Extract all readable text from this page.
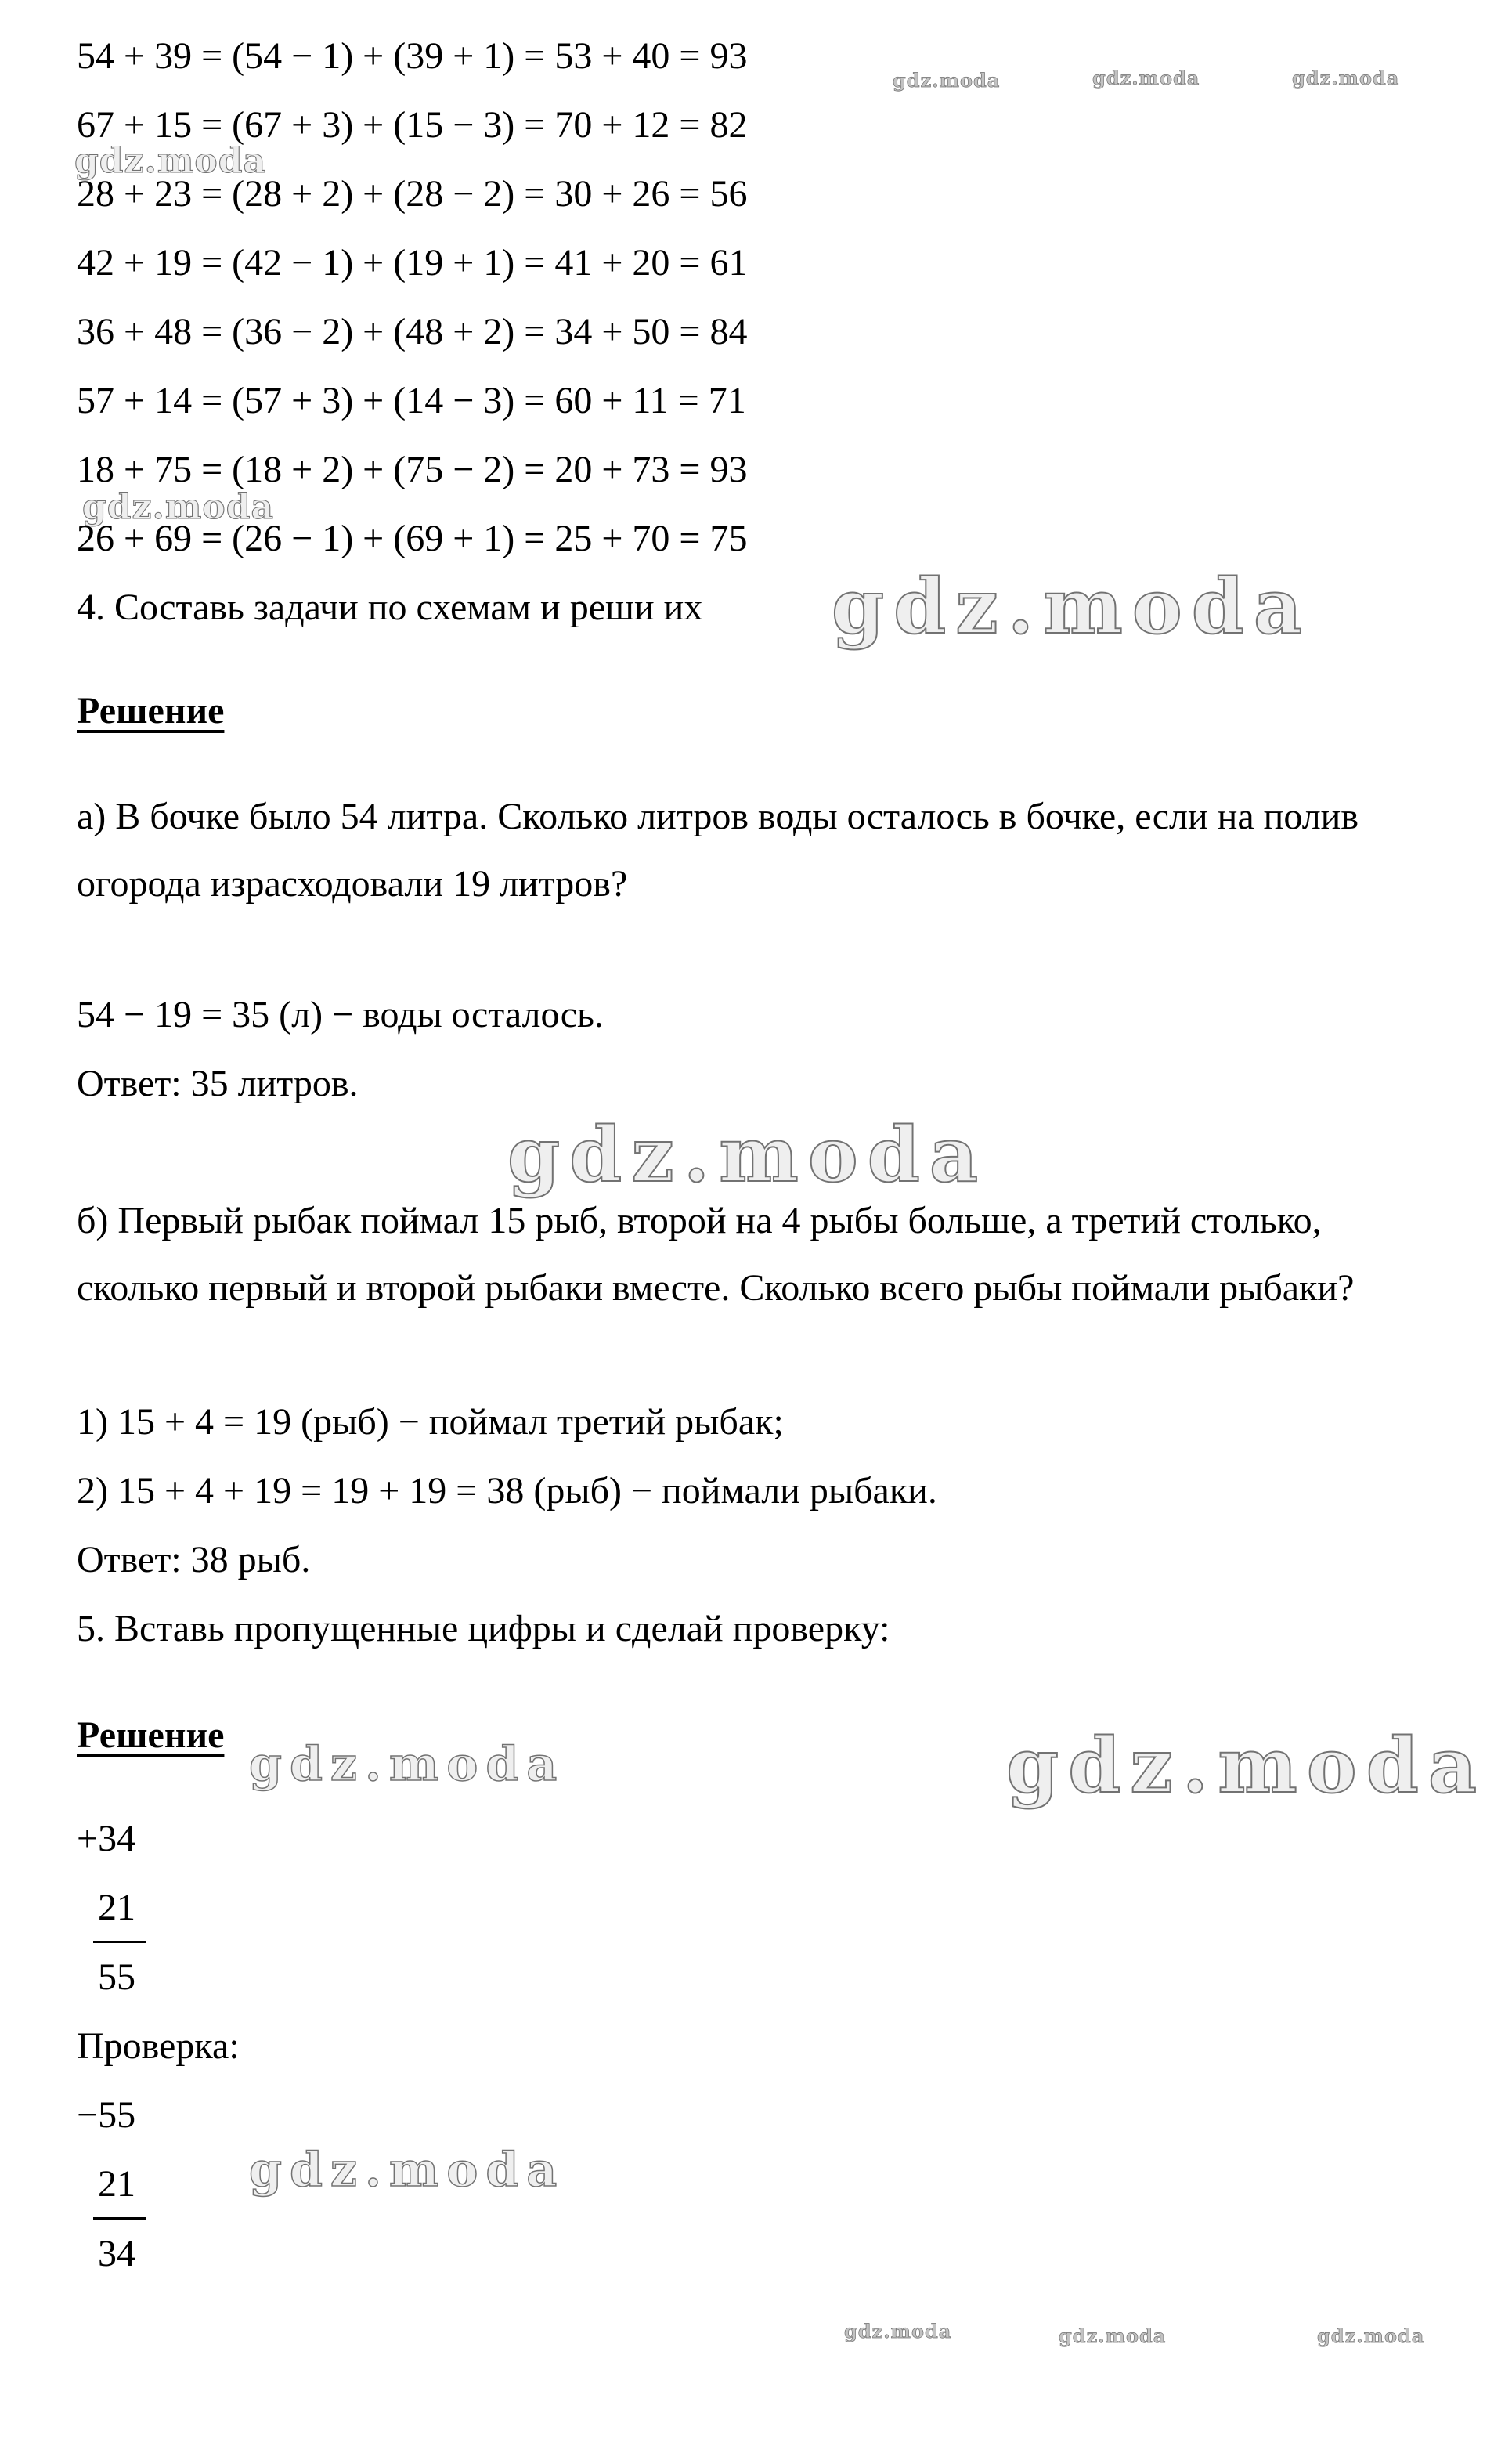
54 + 39 = (54 − 1) + (39 + 1) = 53 + 40 = 93
67 + 15 = (67 + 3) + (15 − 3) = 70 + 12 = 82
28 + 23 = (28 + 2) + (28 − 2) = 30 + 26 = 56
42 + 19 = (42 − 1) + (19 + 1) = 41 + 20 = 61
36 + 48 = (36 − 2) + (48 + 2) = 34 + 50 = 84
57 + 14 = (57 + 3) + (14 − 3) = 60 + 11 = 71
18 + 75 = (18 + 2) + (75 − 2) = 20 + 73 = 93
26 + 69 = (26 − 1) + (69 + 1) = 25 + 70 = 75
4. Составь задачи по схемам и реши их
Решение
а) В бочке было 54 литра. Сколько литров воды осталось в бочке, если на полив огорода израсходовали 19 литров?
54 − 19 = 35 (л) − воды осталось.
Ответ: 35 литров.
б) Первый рыбак поймал 15 рыб, второй на 4 рыбы больше, а третий столько, сколько первый и второй рыбаки вместе. Сколько всего рыбы поймали рыбаки?
1) 15 + 4 = 19 (рыб) − поймал третий рыбак;
2) 15 + 4 + 19 = 19 + 19 = 38 (рыб) − поймали рыбаки.
Ответ: 38 рыб.
5. Вставь пропущенные цифры и сделай проверку:
Решение
+34
21
55
Проверка:
−55
21
34
gdz.moda	gdz.moda	gdz.moda
gdz.moda
gdz.moda
gdz.moda
gdz.moda
gdz.moda	gdz.moda
gdz.moda
gdz.moda	gdz.moda	gdz.moda
